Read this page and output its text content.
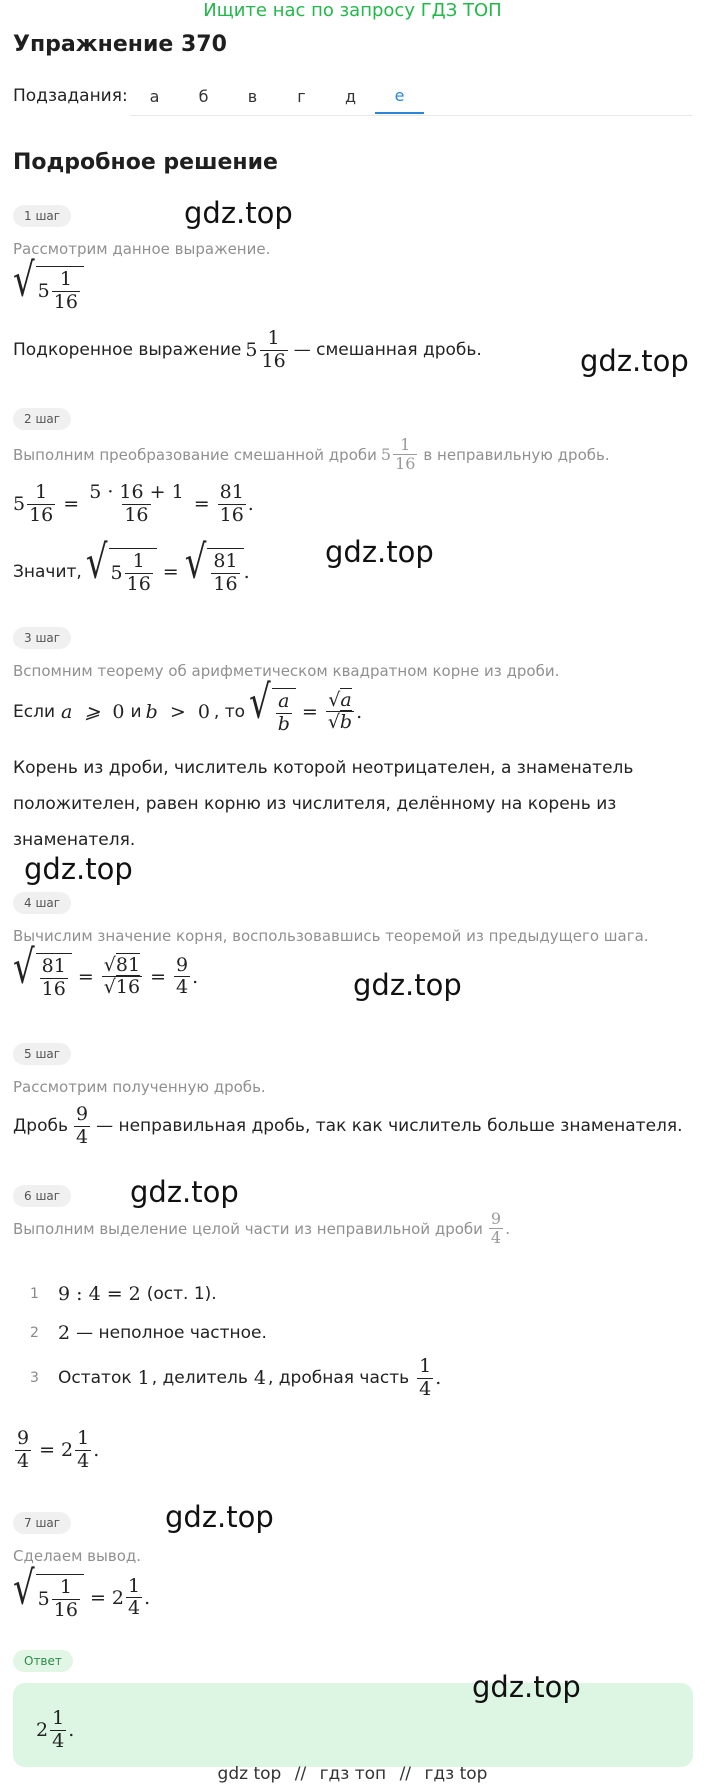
Ищите нас по запросу ГДЗ ТОП
Упражнение 370
Подзадания:	а	б	в	г	д	е
Подробное решение
1 шаг	gdz.top
Рассмотрим данное выражение.
√ $5 \frac{1}{16}$
Подкоренное выражение $5 \frac{1}{16}$ — смешанная дробь.	gdz.top
2 шаг
Выполним преобразование смешанной дроби $5 \frac{1}{16}$ в неправильную дробь.
$5 \frac{1}{16} = \frac{5 \cdot 16 + 1}{16} = \frac{81}{16}$ .
Значит, √ $5 \frac{1}{16}$ = √ $\frac{81}{16}$ .
gdz.top
3 шаг
Вспомним теорему об арифметическом квадратном корне из дроби.
Если a  ⩾ 0 и b  > 0 , то √ $\frac{a}{b} = \frac{√a}{√b}$ .
Корень из дроби, числитель которой неотрицателен, а знаменатель
положителен, равен корню из числителя, делённому на корень из
знаменателя.
gdz.top
4 шаг
Вычислим значение корня, воспользовавшись теоремой из предыдущего шага.
√ $\frac{81}{16} = \frac{√81}{√16} = \frac{9}{4}$ .	gdz.top
5 шаг
Рассмотрим полученную дробь.
Дробь $\frac{9}{4}$ — неправильная дробь, так как числитель больше знаменателя.
6 шаг	gdz.top
Выполним выделение целой части из неправильной дроби $\frac{9}{4}$ .
1	9 : 4 = 2 (ост. 1).
2	2 — неполное частное.
3	Остаток 1 , делитель 4 , дробная часть $\frac{1}{4}$ .
$\frac{9}{4} = 2 \frac{1}{4}$ .
7 шаг	gdz.top
Сделаем вывод.
√ $5 \frac{1}{16} = 2 \frac{1}{4}$ .
Ответ
$2 \frac{1}{4}$ .
gdz.top
gdz top // гдз топ // гдз top
